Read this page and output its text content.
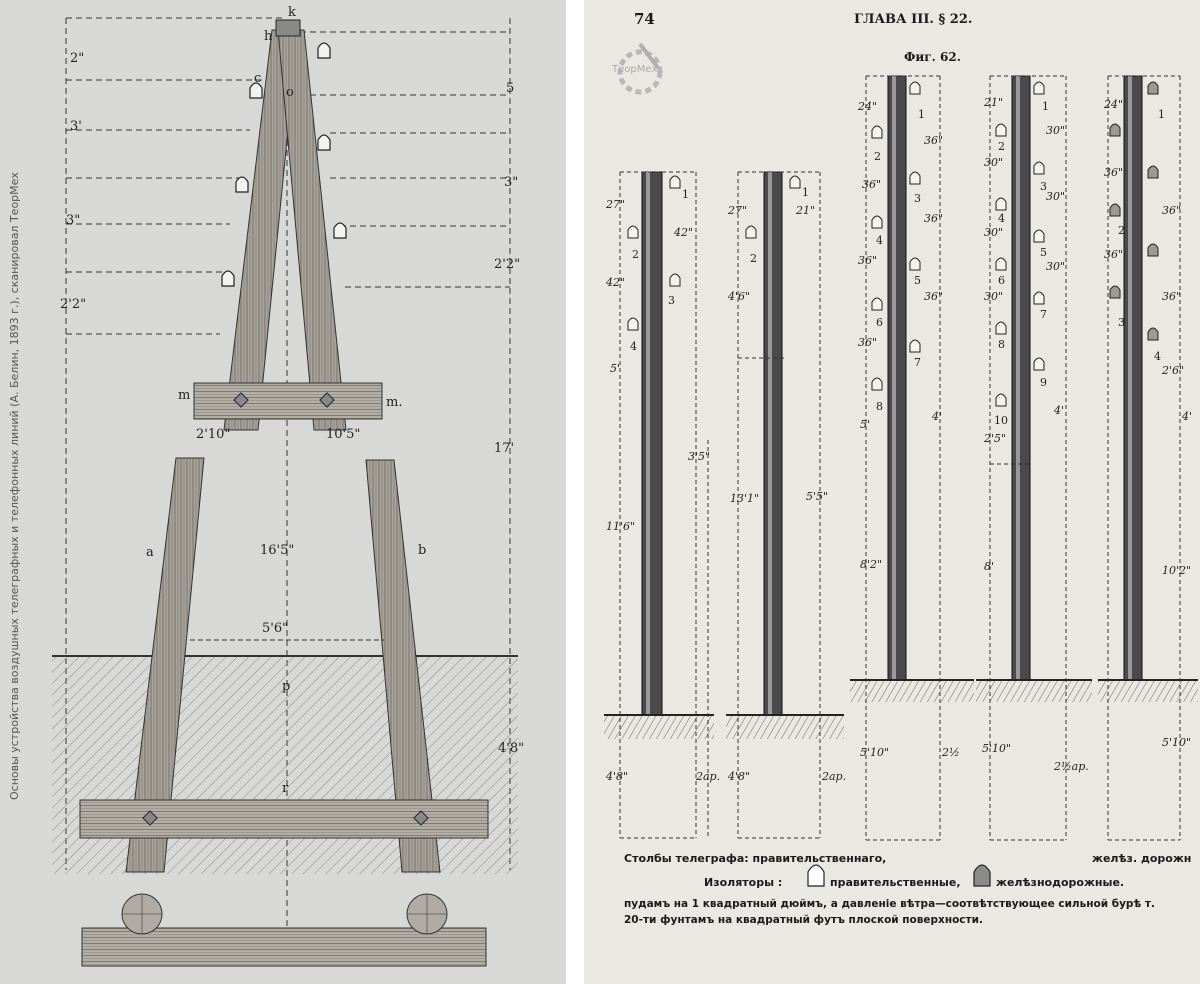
Основы устройства воздушных телеграфных и телефонных линий (А. Белин, 1893 г.), сканировал ТеорМех
h
k
c
o
m	m.
a	b
p
r
2"
5
3'
3"
3"
2'2"
2'2"
17'
16'5"
5'6"
2'10"	10'5"
4'8"
74	ГЛАВА III. § 22.
Фиг. 62.
ТеорМех
27"
42"
42"
5'
11'6"
4'8"
3'5"
2ap.
1
2
3
4
27"	21"
4'6"
13'1"
4'8"
5'5"
2ap.
1
2
24"
36"
36"
36"
36"
36"
36"
5'
8'2"
5'10"
4'
2½
1
2
3
4
5
6
7
8
21"
30"
30"
30"
30"
30"
30"
2'5"
8'
5'10"
4'
2½ap.
1
2
3
4
5
6
7
8
9
10
24"
36"
36"
36"
36"
2'6"
10'2"
5'10"
4'
1
2
3
4
Столбы телеграфа: правительственнаго,	желѣз. дорожн
Изоляторы :	правительственные,	желѣзнодорожные.
пудамъ на 1 квадратный дюймъ, а давленіе вѣтра—соотвѣтствующее сильной бурѣ т.
20-ти фунтамъ на квадратный футъ плоской поверхности.
